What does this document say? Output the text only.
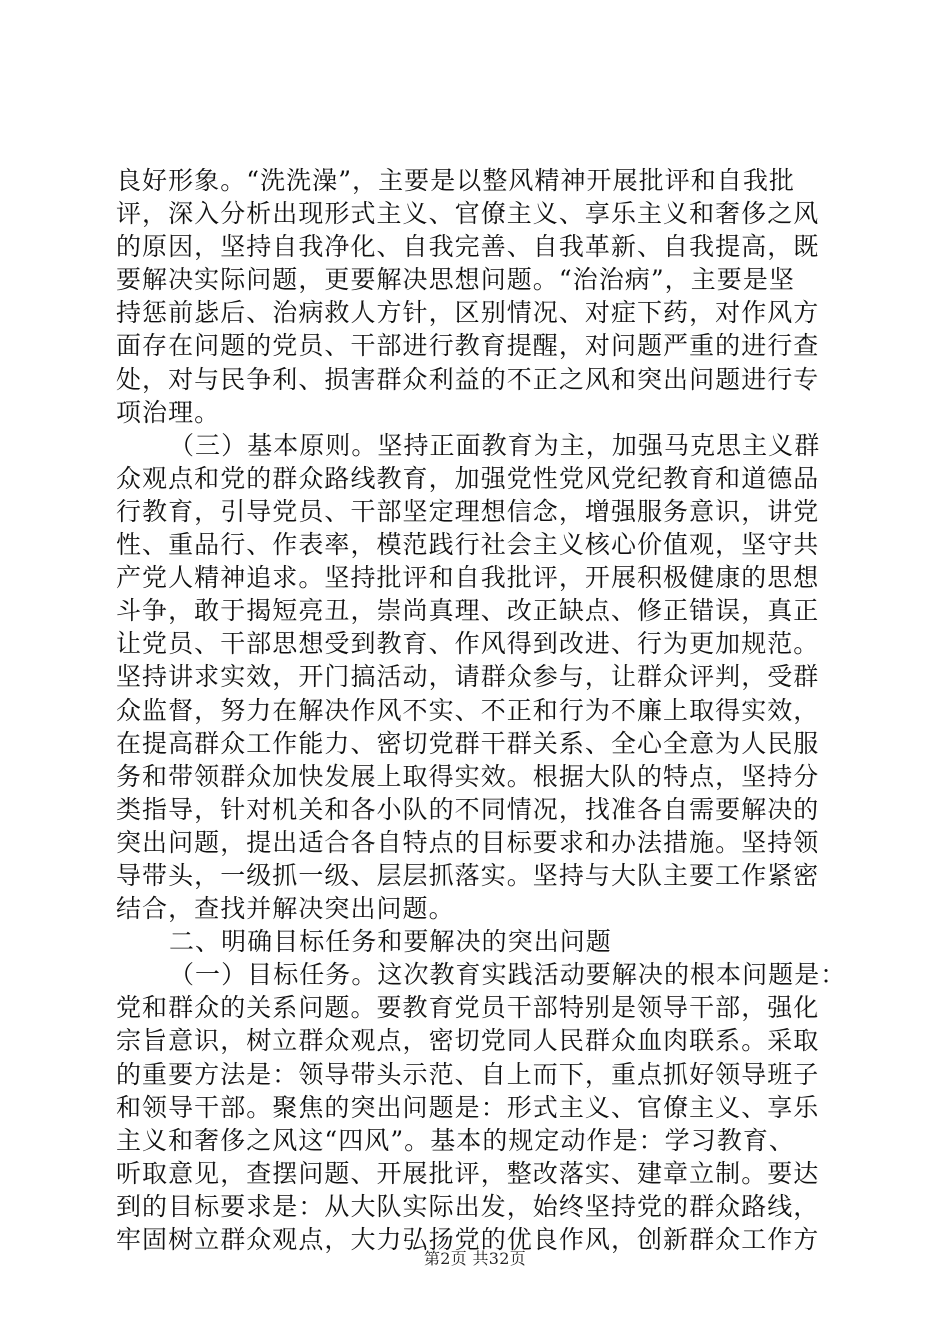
良好形象。“洗洗澡”，主要是以整风精神开展批评和自我批
评，深入分析出现形式主义、官僚主义、享乐主义和奢侈之风
的原因，坚持自我净化、自我完善、自我革新、自我提高，既
要解决实际问题，更要解决思想问题。“治治病”，主要是坚
持惩前毖后、治病救人方针，区别情况、对症下药，对作风方
面存在问题的党员、干部进行教育提醒，对问题严重的进行查
处，对与民争利、损害群众利益的不正之风和突出问题进行专
项治理。
（三）基本原则。坚持正面教育为主，加强马克思主义群
众观点和党的群众路线教育，加强党性党风党纪教育和道德品
行教育，引导党员、干部坚定理想信念，增强服务意识，讲党
性、重品行、作表率，模范践行社会主义核心价值观，坚守共
产党人精神追求。坚持批评和自我批评，开展积极健康的思想
斗争，敢于揭短亮丑，崇尚真理、改正缺点、修正错误，真正
让党员、干部思想受到教育、作风得到改进、行为更加规范。
坚持讲求实效，开门搞活动，请群众参与，让群众评判，受群
众监督，努力在解决作风不实、不正和行为不廉上取得实效，
在提高群众工作能力、密切党群干群关系、全心全意为人民服
务和带领群众加快发展上取得实效。根据大队的特点，坚持分
类指导，针对机关和各小队的不同情况，找准各自需要解决的
突出问题，提出适合各自特点的目标要求和办法措施。坚持领
导带头，一级抓一级、层层抓落实。坚持与大队主要工作紧密
结合，查找并解决突出问题。
二、明确目标任务和要解决的突出问题
（一）目标任务。这次教育实践活动要解决的根本问题是：
党和群众的关系问题。要教育党员干部特别是领导干部，强化
宗旨意识，树立群众观点，密切党同人民群众血肉联系。采取
的重要方法是：领导带头示范、自上而下，重点抓好领导班子
和领导干部。聚焦的突出问题是：形式主义、官僚主义、享乐
主义和奢侈之风这“四风”。基本的规定动作是：学习教育、
听取意见，查摆问题、开展批评，整改落实、建章立制。要达
到的目标要求是：从大队实际出发，始终坚持党的群众路线，
牢固树立群众观点，大力弘扬党的优良作风，创新群众工作方
第2页 共32页
